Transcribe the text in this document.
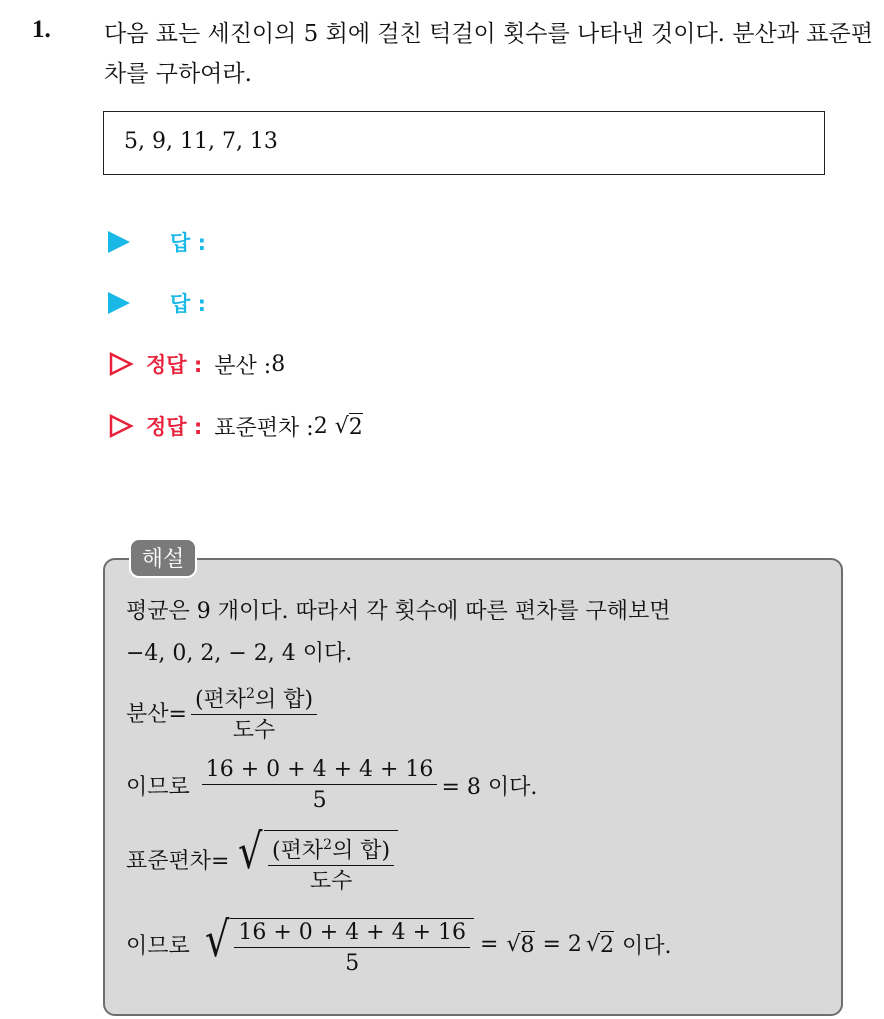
1. 다음 표는 세진이의 5 회에 걸친 턱걸이 횟수를 나타낸 것이다. 분산과 표준편차를 구하여라.
5, 9, 11, 7, 13
답 :
답 :
정답 : 분산 : 8
정답 : 표준편차 : 2 √ 2
해설
평균은 9 개이다. 따라서 각 횟수에 따른 편차를 구해보면
−4, 0, 2, − 2, 4 이다.
분산= $\frac{(편차^2의 합)}{\text{도수}}$
이므로 $\frac{16 + 0 + 4 + 4 + 16}{5} = 8$ 이다.
표준편차= √ $\frac{(편차^2의 합)}{\text{도수}}$
이므로 √ $\frac{16 + 0 + 4 + 4 + 16}{5}$ = √ 8 = 2 √ 2 이다.
